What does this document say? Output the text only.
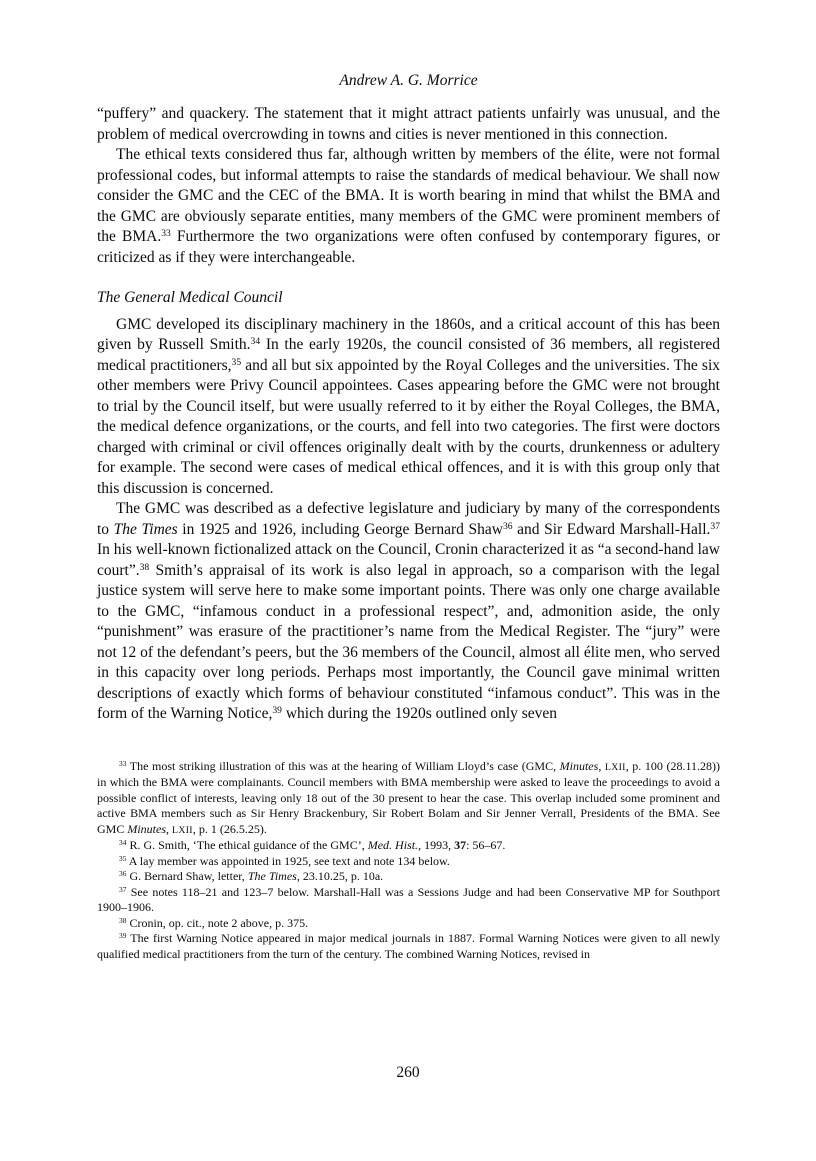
Andrew A. G. Morrice

“puffery” and quackery. The statement that it might attract patients unfairly was unusual, and the problem of medical overcrowding in towns and cities is never mentioned in this connection.

The ethical texts considered thus far, although written by members of the élite, were not formal professional codes, but informal attempts to raise the standards of medical behaviour. We shall now consider the GMC and the CEC of the BMA. It is worth bearing in mind that whilst the BMA and the GMC are obviously separate entities, many members of the GMC were prominent members of the BMA.$^{33}$ Furthermore the two organizations were often confused by contemporary figures, or criticized as if they were interchangeable.

The General Medical Council

GMC developed its disciplinary machinery in the 1860s, and a critical account of this has been given by Russell Smith.$^{34}$ In the early 1920s, the council consisted of 36 members, all registered medical practitioners,$^{35}$ and all but six appointed by the Royal Colleges and the universities. The six other members were Privy Council appointees. Cases appearing before the GMC were not brought to trial by the Council itself, but were usually referred to it by either the Royal Colleges, the BMA, the medical defence organizations, or the courts, and fell into two categories. The first were doctors charged with criminal or civil offences originally dealt with by the courts, drunkenness or adultery for example. The second were cases of medical ethical offences, and it is with this group only that this discussion is concerned.

The GMC was described as a defective legislature and judiciary by many of the correspondents to The Times in 1925 and 1926, including George Bernard Shaw$^{36}$ and Sir Edward Marshall-Hall.$^{37}$ In his well-known fictionalized attack on the Council, Cronin characterized it as “a second-hand law court”.$^{38}$ Smith’s appraisal of its work is also legal in approach, so a comparison with the legal justice system will serve here to make some important points. There was only one charge available to the GMC, “infamous conduct in a professional respect”, and, admonition aside, the only “punishment” was erasure of the practitioner’s name from the Medical Register. The “jury” were not 12 of the defendant’s peers, but the 36 members of the Council, almost all élite men, who served in this capacity over long periods. Perhaps most importantly, the Council gave minimal written descriptions of exactly which forms of behaviour constituted “infamous conduct”. This was in the form of the Warning Notice,$^{39}$ which during the 1920s outlined only seven

$^{33}$ The most striking illustration of this was at the hearing of William Lloyd’s case (GMC, Minutes, LXII, p. 100 (28.11.28)) in which the BMA were complainants. Council members with BMA membership were asked to leave the proceedings to avoid a possible conflict of interests, leaving only 18 out of the 30 present to hear the case. This overlap included some prominent and active BMA members such as Sir Henry Brackenbury, Sir Robert Bolam and Sir Jenner Verrall, Presidents of the BMA. See GMC Minutes, LXII, p. 1 (26.5.25).

$^{34}$ R. G. Smith, ‘The ethical guidance of the GMC’, Med. Hist., 1993, 37: 56–67.

$^{35}$ A lay member was appointed in 1925, see text and note 134 below.

$^{36}$ G. Bernard Shaw, letter, The Times, 23.10.25, p. 10a.

$^{37}$ See notes 118–21 and 123–7 below. Marshall-Hall was a Sessions Judge and had been Conservative MP for Southport 1900–1906.

$^{38}$ Cronin, op. cit., note 2 above, p. 375.

$^{39}$ The first Warning Notice appeared in major medical journals in 1887. Formal Warning Notices were given to all newly qualified medical practitioners from the turn of the century. The combined Warning Notices, revised in

260
